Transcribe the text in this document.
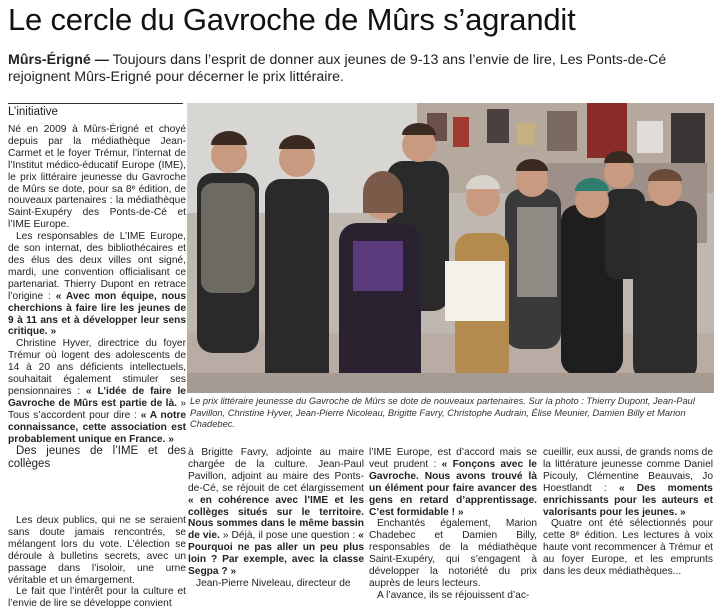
Le cercle du Gavroche de Mûrs s’agrandit
Mûrs-Érigné — Toujours dans l’esprit de donner aux jeunes de 9-13 ans l’envie de lire, Les Ponts-de-Cé rejoignent Mûrs-Erigné pour décerner le prix littéraire.
L’initiative

Né en 2009 à Mûrs-Érigné et choyé depuis par la médiathèque Jean-Carmet et le foyer Trémur, l’internat de l’Institut médico-éducatif Europe (IME), le prix littéraire jeunesse du Gavroche de Mûrs se dote, pour sa 8ᵉ édition, de nouveaux partenaires : la médiathèque Saint-Exupéry des Ponts-de-Cé et l’IME Europe.

Les responsables de L’IME Europe, de son internat, des bibliothécaires et des élus des deux villes ont signé, mardi, une convention officialisant ce partenariat. Thierry Dupont en retrace l’origine : « Avec mon équipe, nous cherchions à faire lire les jeunes de 9 à 11 ans et à développer leur sens critique. »

Christine Hyver, directrice du foyer Trémur où logent des adolescents de 14 à 20 ans déficients intellectuels, souhaitait également stimuler ses pensionnaires : « L’idée de faire le Gavroche de Mûrs est partie de là. » Tous s’accordent pour dire : « A notre connaissance, cette association est probablement unique en France. »

Des jeunes de l’IME et des collèges

Les deux publics, qui ne se seraient sans doute jamais rencontrés, se mélangent lors du vote. L’élection se déroule à bulletins secrets, avec un passage dans l’isoloir, une urne véritable et un émargement.

Le fait que l’intérêt pour la culture et l’envie de lire se développe convient

Le prix littéraire jeunesse du Gavroche de Mûrs se dote de nouveaux partenaires. Sur la photo : Thierry Dupont, Jean-Paul Pavillon, Christine Hyver, Jean-Pierre Nicoleau, Brigitte Favry, Christophe Audrain, Élise Meunier, Damien Billy et Marion Chadebec.

à Brigitte Favry, adjointe au maire chargée de la culture. Jean-Paul Pavillon, adjoint au maire des Ponts-de-Cé, se réjouit de cet élargissement « en cohérence avec l’IME et les collèges situés sur le territoire. Nous sommes dans le même bassin de vie. » Déjà, il pose une question : « Pourquoi ne pas aller un peu plus loin ? Par exemple, avec la classe Segpa ? »

Jean-Pierre Niveleau, directeur de

l’IME Europe, est d’accord mais se veut prudent : « Fonçons avec le Gavroche. Nous avons trouvé là un élément pour faire avancer des gens en retard d’apprentissage. C’est formidable ! »

Enchantés également, Marion Chadebec et Damien Billy, responsables de la médiathèque Saint-Exupéry, qui s’engagent à développer la notoriété du prix auprès de leurs lecteurs.

A l’avance, ils se réjouissent d’ac-

cueillir, eux aussi, de grands noms de la littérature jeunesse comme Daniel Picouly, Clémentine Beauvais, Jo Hoestlandt : « Des moments enrichissants pour les auteurs et valorisants pour les jeunes. »

Quatre ont été sélectionnés pour cette 8ᵉ édition. Les lectures à voix haute vont recommencer à Trémur et au foyer Europe, et les emprunts dans les deux médiathèques...
